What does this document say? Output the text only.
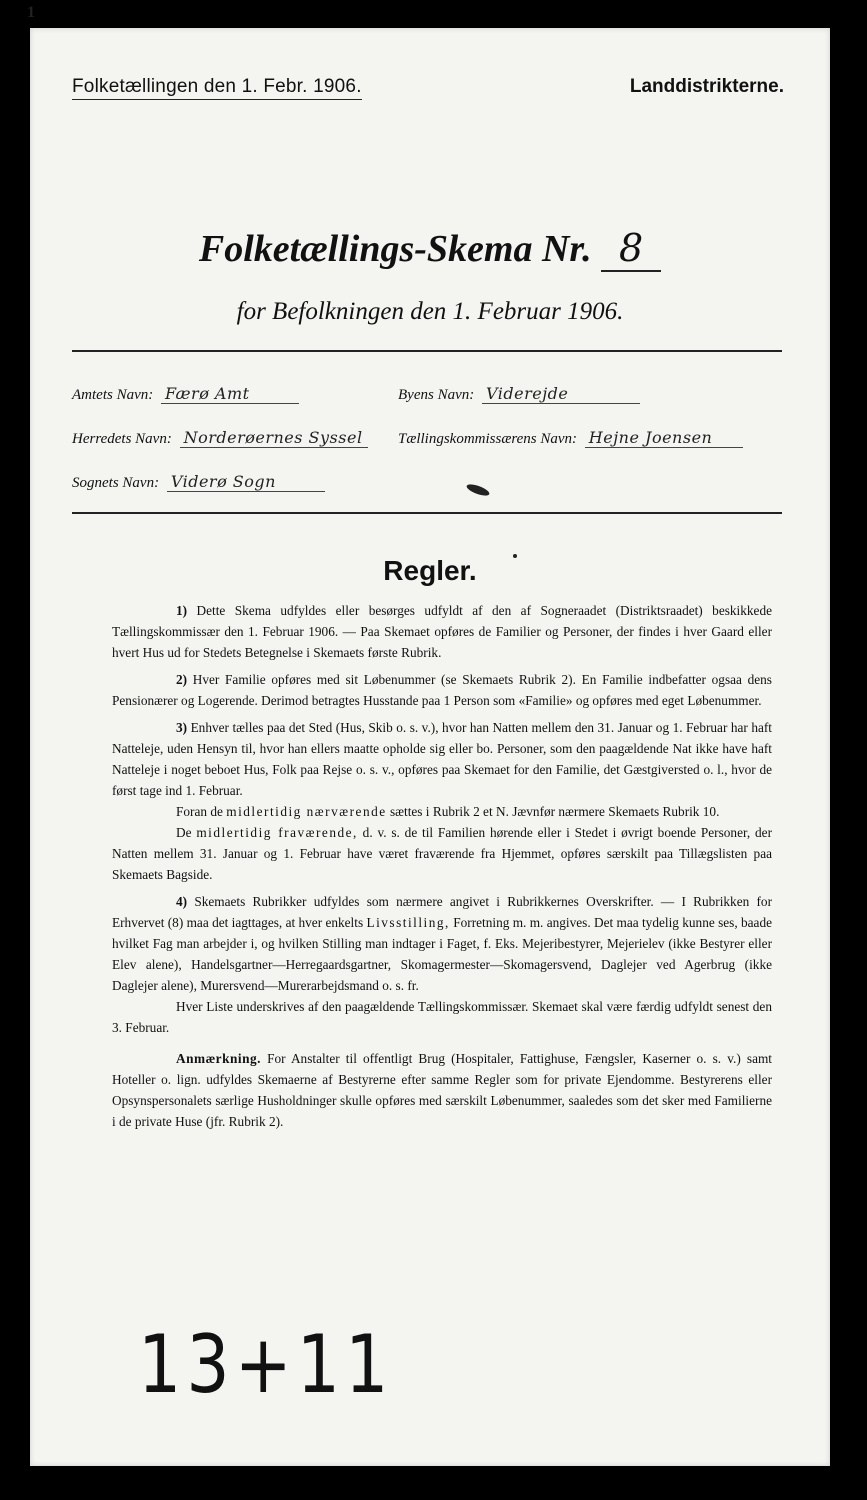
1
Folketællingen den 1. Febr. 1906.	Landdistrikterne.
Folketællings-Skema Nr. 8
for Befolkningen den 1. Februar 1906.
Amtets Navn: Færø Amt	Byens Navn: Viderejde
Herredets Navn: Norderøernes Syssel	Tællingskommissærens Navn: Hejne Joensen
Sognets Navn: Viderø Sogn
Regler.

1) Dette Skema udfyldes eller besørges udfyldt af den af Sogneraadet (Distriktsraadet) beskikkede Tællingskommissær den 1. Februar 1906. — Paa Skemaet opføres de Familier og Personer, der findes i hver Gaard eller hvert Hus ud for Stedets Betegnelse i Skemaets første Rubrik.

2) Hver Familie opføres med sit Løbenummer (se Skemaets Rubrik 2). En Familie indbefatter ogsaa dens Pensionærer og Logerende. Derimod betragtes Husstande paa 1 Person som «Familie» og opføres med eget Løbenummer.

3) Enhver tælles paa det Sted (Hus, Skib o. s. v.), hvor han Natten mellem den 31. Januar og 1. Februar har haft Natteleje, uden Hensyn til, hvor han ellers maatte opholde sig eller bo. Personer, som den paagældende Nat ikke have haft Natteleje i noget beboet Hus, Folk paa Rejse o. s. v., opføres paa Skemaet for den Familie, det Gæstgiversted o. l., hvor de først tage ind 1. Februar.

Foran de midlertidig nærværende sættes i Rubrik 2 et N. Jævnfør nærmere Skemaets Rubrik 10.

De midlertidig fraværende, d. v. s. de til Familien hørende eller i Stedet i øvrigt boende Personer, der Natten mellem 31. Januar og 1. Februar have været fraværende fra Hjemmet, opføres særskilt paa Tillægslisten paa Skemaets Bagside.

4) Skemaets Rubrikker udfyldes som nærmere angivet i Rubrikkernes Overskrifter. — I Rubrikken for Erhvervet (8) maa det iagttages, at hver enkelts Livsstilling, Forretning m. m. angives. Det maa tydelig kunne ses, baade hvilket Fag man arbejder i, og hvilken Stilling man indtager i Faget, f. Eks. Mejeribestyrer, Mejerielev (ikke Bestyrer eller Elev alene), Handelsgartner—Herregaardsgartner, Skomagermester—Skomagersvend, Daglejer ved Agerbrug (ikke Daglejer alene), Murersvend—Murerarbejdsmand o. s. fr.

Hver Liste underskrives af den paagældende Tællingskommissær. Skemaet skal være færdig udfyldt senest den 3. Februar.

Anmærkning. For Anstalter til offentligt Brug (Hospitaler, Fattighuse, Fængsler, Kaserner o. s. v.) samt Hoteller o. lign. udfyldes Skemaerne af Bestyrerne efter samme Regler som for private Ejendomme. Bestyrerens eller Opsynspersonalets særlige Husholdninger skulle opføres med særskilt Løbenummer, saaledes som det sker med Familierne i de private Huse (jfr. Rubrik 2).

13+11
